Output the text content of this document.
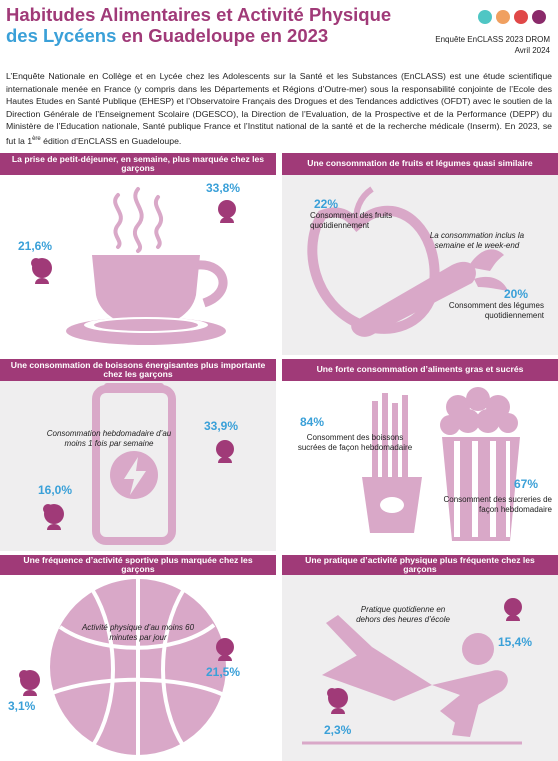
Habitudes Alimentaires et Activité Physique
des Lycéens en Guadeloupe en 2023	Enquête EnCLASS 2023 DROM
Avril 2024
L’Enquête Nationale en Collège et en Lycée chez les Adolescents sur la Santé et les Substances (EnCLASS) est une étude scientifique internationale menée en France (y compris dans les Départements et Régions d’Outre-mer) sous la responsabilité conjointe de l’Ecole des Hautes Etudes en Santé Publique (EHESP) et l’Observatoire Français des Drogues et des Tendances addictives (OFDT) avec le soutien de la Direction Générale de l’Enseignement Scolaire (DGESCO), la Direction de l’Evaluation, de la Prospective et de la Performance (DEPP) du Ministère de l’Education nationale, Santé publique France et l’Institut national de la santé et de la recherche médicale (Inserm). En 2023, se fut la 1ère édition d’EnCLASS en Guadeloupe.
La prise de petit-déjeuner, en semaine, plus marquée chez les garçons
33,8%
21,6%
Une consommation de fruits et légumes quasi similaire
22%
Consomment des fruits quotidiennement
La consommation inclus la semaine et le week-end
20%
Consomment des légumes quotidiennement
Une consommation de boissons énergisantes plus importante chez les garçons
Consommation hebdomadaire d’au moins 1 fois par semaine
33,9%
16,0%
Une forte consommation d’aliments gras et sucrés
84%
Consomment des boissons sucrées de façon hebdomadaire
67%
Consomment des sucreries de façon hebdomadaire
Une fréquence d’activité sportive plus marquée chez les garçons
Activité physique d’au moins 60 minutes par jour
21,5%
3,1%
Une pratique d’activité physique plus fréquente chez les garçons
Pratique quotidienne en dehors des heures d’école
15,4%
2,3%
